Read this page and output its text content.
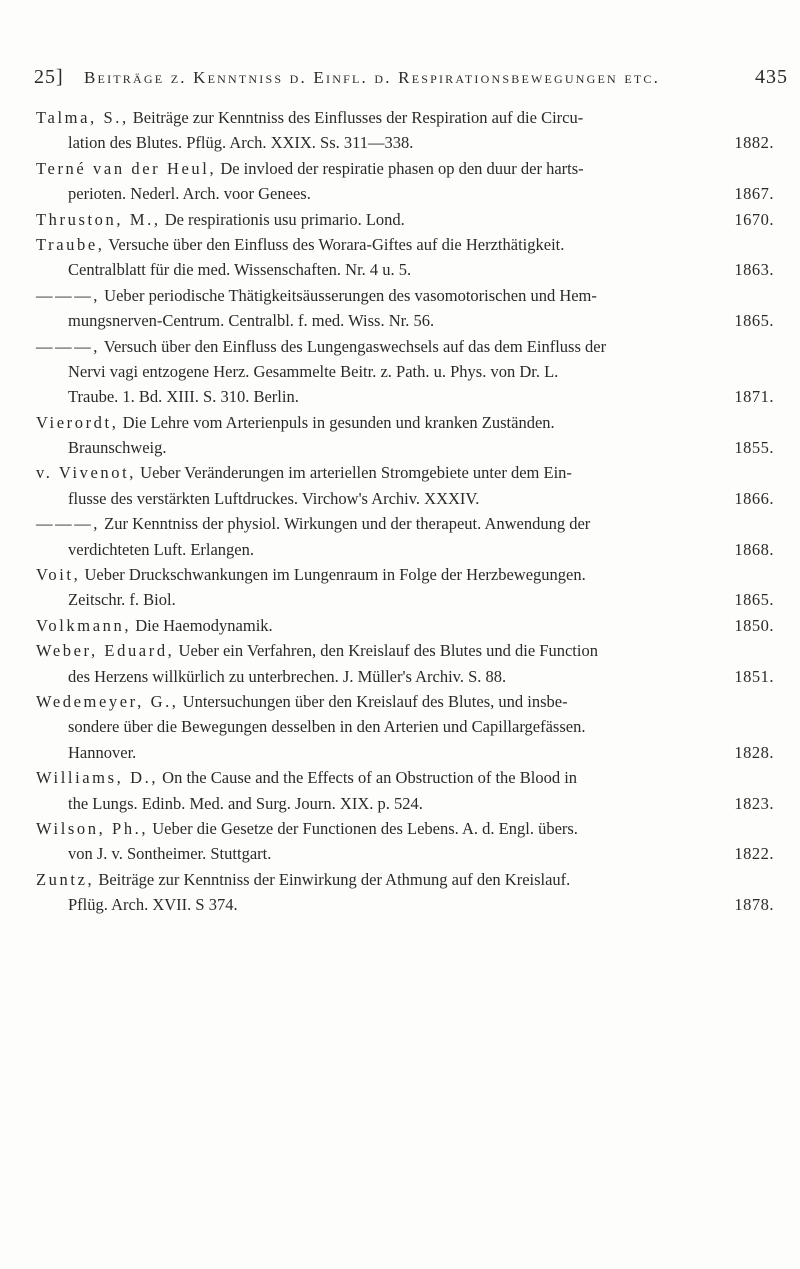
25] Beiträge z. Kenntniss d. Einfl. d. Respirationsbewegungen etc.	435
Talma, S., Beiträge zur Kenntniss des Einflusses der Respiration auf die Circu-
lation des Blutes. Pflüg. Arch. XXIX. Ss. 311—338.	1882.
Terné van der Heul, De invloed der respiratie phasen op den duur der harts-
perioten. Nederl. Arch. voor Genees.	1867.
Thruston, M., De respirationis usu primario. Lond.	1670.
Traube, Versuche über den Einfluss des Worara-Giftes auf die Herzthätigkeit.
Centralblatt für die med. Wissenschaften. Nr. 4 u. 5.	1863.
———, Ueber periodische Thätigkeitsäusserungen des vasomotorischen und Hem-
mungsnerven-Centrum. Centralbl. f. med. Wiss. Nr. 56.	1865.
———, Versuch über den Einfluss des Lungengaswechsels auf das dem Einfluss der
Nervi vagi entzogene Herz. Gesammelte Beitr. z. Path. u. Phys. von Dr. L.
Traube. 1. Bd. XIII. S. 310. Berlin.	1871.
Vierordt, Die Lehre vom Arterienpuls in gesunden und kranken Zuständen.
Braunschweig.	1855.
v. Vivenot, Ueber Veränderungen im arteriellen Stromgebiete unter dem Ein-
flusse des verstärkten Luftdruckes. Virchow's Archiv. XXXIV.	1866.
———, Zur Kenntniss der physiol. Wirkungen und der therapeut. Anwendung der
verdichteten Luft. Erlangen.	1868.
Voit, Ueber Druckschwankungen im Lungenraum in Folge der Herzbewegungen.
Zeitschr. f. Biol.	1865.
Volkmann, Die Haemodynamik.	1850.
Weber, Eduard, Ueber ein Verfahren, den Kreislauf des Blutes und die Function
des Herzens willkürlich zu unterbrechen. J. Müller's Archiv. S. 88.	1851.
Wedemeyer, G., Untersuchungen über den Kreislauf des Blutes, und insbe-
sondere über die Bewegungen desselben in den Arterien und Capillargefässen.
Hannover.	1828.
Williams, D., On the Cause and the Effects of an Obstruction of the Blood in
the Lungs. Edinb. Med. and Surg. Journ. XIX. p. 524.	1823.
Wilson, Ph., Ueber die Gesetze der Functionen des Lebens. A. d. Engl. übers.
von J. v. Sontheimer. Stuttgart.	1822.
Zuntz, Beiträge zur Kenntniss der Einwirkung der Athmung auf den Kreislauf.
Pflüg. Arch. XVII. S 374.	1878.
